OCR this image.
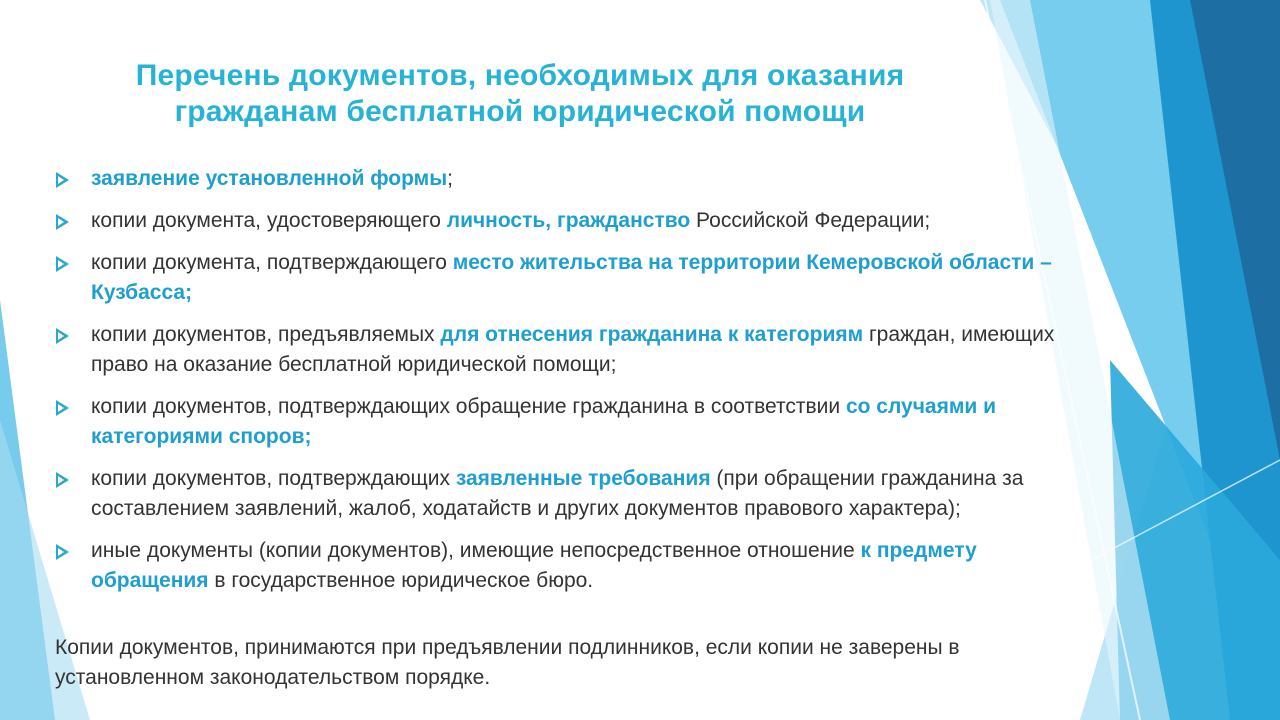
Перечень документов, необходимых для оказания
гражданам бесплатной юридической помощи
заявление установленной формы;
копии документа, удостоверяющего личность, гражданство Российской Федерации;
копии документа, подтверждающего место жительства на территории Кемеровской области – Кузбасса;
копии документов, предъявляемых для отнесения гражданина к категориям граждан, имеющих право на оказание бесплатной юридической помощи;
копии документов, подтверждающих обращение гражданина в соответствии со случаями и категориями споров;
копии документов, подтверждающих заявленные требования (при обращении гражданина за составлением заявлений, жалоб, ходатайств и других документов правового характера);
иные документы (копии документов), имеющие непосредственное отношение к предмету обращения в государственное юридическое бюро.
Копии документов, принимаются при предъявлении подлинников, если копии не заверены в установленном законодательством порядке.
